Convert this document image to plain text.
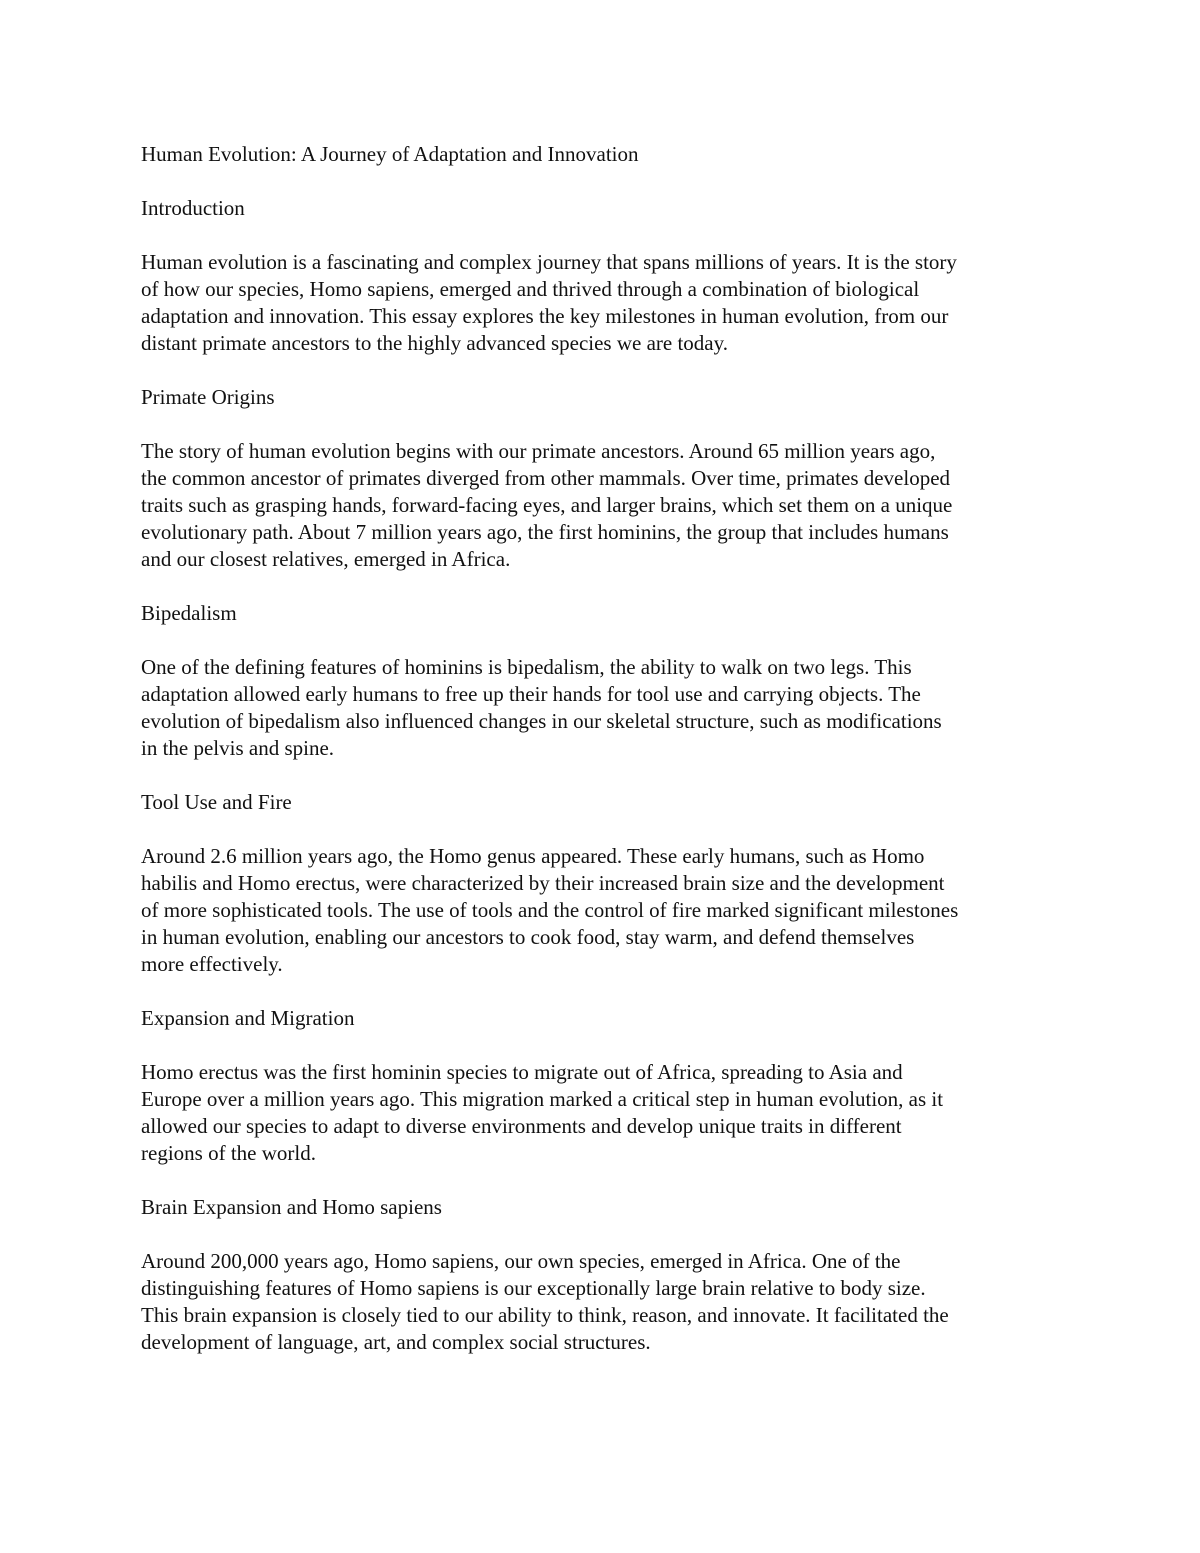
Human Evolution: A Journey of Adaptation and Innovation

Introduction

Human evolution is a fascinating and complex journey that spans millions of years. It is the story
of how our species, Homo sapiens, emerged and thrived through a combination of biological
adaptation and innovation. This essay explores the key milestones in human evolution, from our
distant primate ancestors to the highly advanced species we are today.

Primate Origins

The story of human evolution begins with our primate ancestors. Around 65 million years ago,
the common ancestor of primates diverged from other mammals. Over time, primates developed
traits such as grasping hands, forward-facing eyes, and larger brains, which set them on a unique
evolutionary path. About 7 million years ago, the first hominins, the group that includes humans
and our closest relatives, emerged in Africa.

Bipedalism

One of the defining features of hominins is bipedalism, the ability to walk on two legs. This
adaptation allowed early humans to free up their hands for tool use and carrying objects. The
evolution of bipedalism also influenced changes in our skeletal structure, such as modifications
in the pelvis and spine.

Tool Use and Fire

Around 2.6 million years ago, the Homo genus appeared. These early humans, such as Homo
habilis and Homo erectus, were characterized by their increased brain size and the development
of more sophisticated tools. The use of tools and the control of fire marked significant milestones
in human evolution, enabling our ancestors to cook food, stay warm, and defend themselves
more effectively.

Expansion and Migration

Homo erectus was the first hominin species to migrate out of Africa, spreading to Asia and
Europe over a million years ago. This migration marked a critical step in human evolution, as it
allowed our species to adapt to diverse environments and develop unique traits in different
regions of the world.

Brain Expansion and Homo sapiens

Around 200,000 years ago, Homo sapiens, our own species, emerged in Africa. One of the
distinguishing features of Homo sapiens is our exceptionally large brain relative to body size.
This brain expansion is closely tied to our ability to think, reason, and innovate. It facilitated the
development of language, art, and complex social structures.
